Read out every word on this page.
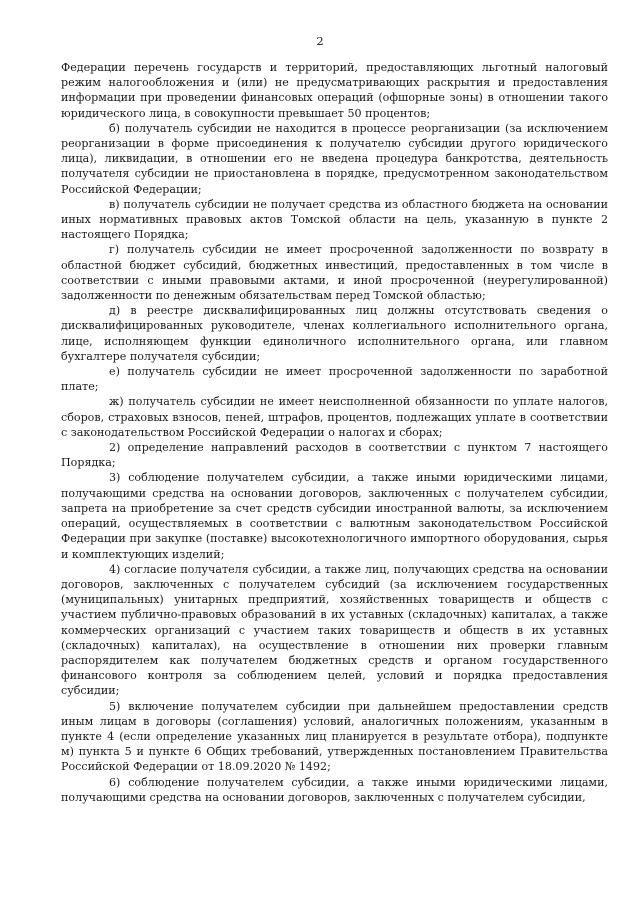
2

Федерации перечень государств и территорий, предоставляющих льготный налоговый режим налогообложения и (или) не предусматривающих раскрытия и предоставления информации при проведении финансовых операций (офшорные зоны) в отношении такого юридического лица, в совокупности превышает 50 процентов;

б) получатель субсидии не находится в процессе реорганизации (за исключением реорганизации в форме присоединения к получателю субсидии другого юридического лица), ликвидации, в отношении его не введена процедура банкротства, деятельность получателя субсидии не приостановлена в порядке, предусмотренном законодательством Российской Федерации;

в) получатель субсидии не получает средства из областного бюджета на основании иных нормативных правовых актов Томской области на цель, указанную в пункте 2 настоящего Порядка;

г) получатель субсидии не имеет просроченной задолженности по возврату в областной бюджет субсидий, бюджетных инвестиций, предоставленных в том числе в соответствии с иными правовыми актами, и иной просроченной (неурегулированной) задолженности по денежным обязательствам перед Томской областью;

д) в реестре дисквалифицированных лиц должны отсутствовать сведения о дисквалифицированных руководителе, членах коллегиального исполнительного органа, лице, исполняющем функции единоличного исполнительного органа, или главном бухгалтере получателя субсидии;

е) получатель субсидии не имеет просроченной задолженности по заработной плате;

ж) получатель субсидии не имеет неисполненной обязанности по уплате налогов, сборов, страховых взносов, пеней, штрафов, процентов, подлежащих уплате в соответствии с законодательством Российской Федерации о налогах и сборах;

2) определение направлений расходов в соответствии с пунктом 7 настоящего Порядка;

3) соблюдение получателем субсидии, а также иными юридическими лицами, получающими средства на основании договоров, заключенных с получателем субсидии, запрета на приобретение за счет средств субсидии иностранной валюты, за исключением операций, осуществляемых в соответствии с валютным законодательством Российской Федерации при закупке (поставке) высокотехнологичного импортного оборудования, сырья и комплектующих изделий;

4) согласие получателя субсидии, а также лиц, получающих средства на основании договоров, заключенных с получателем субсидий (за исключением государственных (муниципальных) унитарных предприятий, хозяйственных товариществ и обществ с участием публично-правовых образований в их уставных (складочных) капиталах, а также коммерческих организаций с участием таких товариществ и обществ в их уставных (складочных) капиталах), на осуществление в отношении них проверки главным распорядителем как получателем бюджетных средств и органом государственного финансового контроля за соблюдением целей, условий и порядка предоставления субсидии;

5) включение получателем субсидии при дальнейшем предоставлении средств иным лицам в договоры (соглашения) условий, аналогичных положениям, указанным в пункте 4 (если определение указанных лиц планируется в результате отбора), подпункте м) пункта 5 и пункте 6 Общих требований, утвержденных постановлением Правительства Российской Федерации от 18.09.2020 № 1492;

6) соблюдение получателем субсидии, а также иными юридическими лицами, получающими средства на основании договоров, заключенных с получателем субсидии,
